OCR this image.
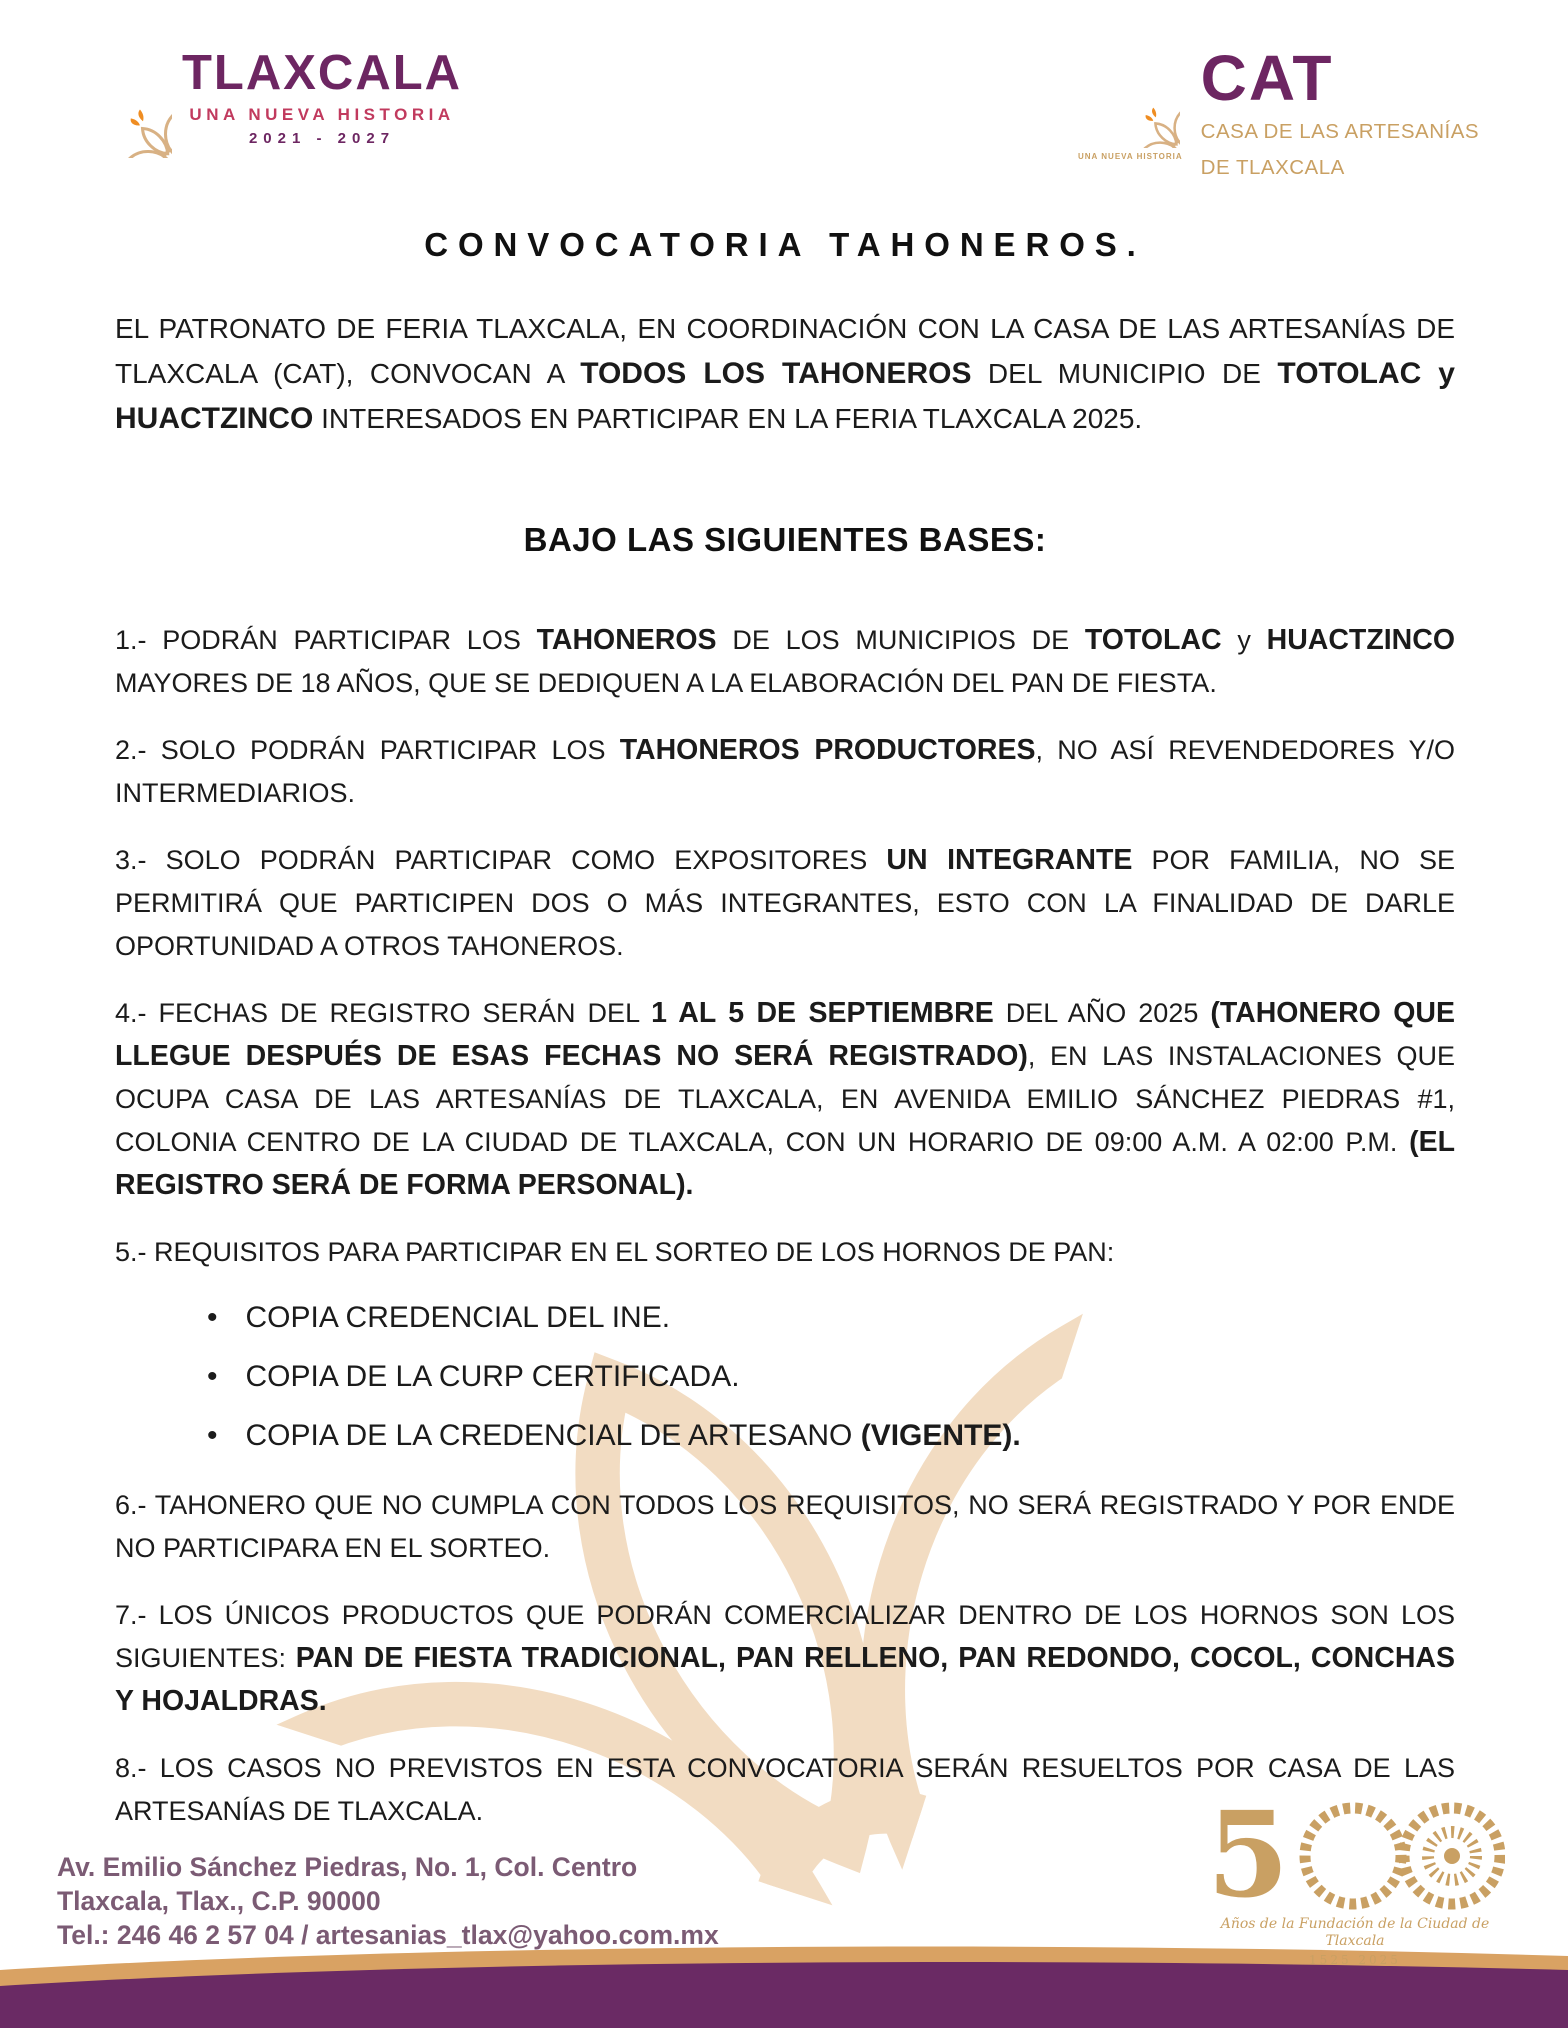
TLAXCALA
UNA NUEVA HISTORIA
2021 - 2027
UNA NUEVA HISTORIA
CAT
CASA DE LAS ARTESANÍAS
DE TLAXCALA
CONVOCATORIA TAHONEROS.

EL PATRONATO DE FERIA TLAXCALA, EN COORDINACIÓN CON LA CASA DE LAS ARTESANÍAS DE TLAXCALA (CAT), CONVOCAN A TODOS LOS TAHONEROS DEL MUNICIPIO DE TOTOLAC y HUACTZINCO INTERESADOS EN PARTICIPAR EN LA FERIA TLAXCALA 2025.

BAJO LAS SIGUIENTES BASES:

1.- PODRÁN PARTICIPAR LOS TAHONEROS DE LOS MUNICIPIOS DE TOTOLAC y HUACTZINCO MAYORES DE 18 AÑOS, QUE SE DEDIQUEN A LA ELABORACIÓN DEL PAN DE FIESTA.

2.- SOLO PODRÁN PARTICIPAR LOS TAHONEROS PRODUCTORES, NO ASÍ REVENDEDORES Y/O INTERMEDIARIOS.

3.- SOLO PODRÁN PARTICIPAR COMO EXPOSITORES UN INTEGRANTE POR FAMILIA, NO SE PERMITIRÁ QUE PARTICIPEN DOS O MÁS INTEGRANTES, ESTO CON LA FINALIDAD DE DARLE OPORTUNIDAD A OTROS TAHONEROS.

4.- FECHAS DE REGISTRO SERÁN DEL 1 AL 5 DE SEPTIEMBRE DEL AÑO 2025 (TAHONERO QUE LLEGUE DESPUÉS DE ESAS FECHAS NO SERÁ REGISTRADO), EN LAS INSTALACIONES QUE OCUPA CASA DE LAS ARTESANÍAS DE TLAXCALA, EN AVENIDA EMILIO SÁNCHEZ PIEDRAS #1, COLONIA CENTRO DE LA CIUDAD DE TLAXCALA, CON UN HORARIO DE 09:00 A.M. A 02:00 P.M. (EL REGISTRO SERÁ DE FORMA PERSONAL).

5.- REQUISITOS PARA PARTICIPAR EN EL SORTEO DE LOS HORNOS DE PAN:

• COPIA CREDENCIAL DEL INE.
• COPIA DE LA CURP CERTIFICADA.
• COPIA DE LA CREDENCIAL DE ARTESANO (VIGENTE).

6.- TAHONERO QUE NO CUMPLA CON TODOS LOS REQUISITOS, NO SERÁ REGISTRADO Y POR ENDE NO PARTICIPARA EN EL SORTEO.

7.- LOS ÚNICOS PRODUCTOS QUE PODRÁN COMERCIALIZAR DENTRO DE LOS HORNOS SON LOS SIGUIENTES: PAN DE FIESTA TRADICIONAL, PAN RELLENO, PAN REDONDO, COCOL, CONCHAS Y HOJALDRAS.

8.- LOS CASOS NO PREVISTOS EN ESTA CONVOCATORIA SERÁN RESUELTOS POR CASA DE LAS ARTESANÍAS DE TLAXCALA.

Av. Emilio Sánchez Piedras, No. 1, Col. Centro
Tlaxcala, Tlax., C.P. 90000
Tel.: 246 46 2 57 04 / artesanias_tlax@yahoo.com.mx
5
Años de la Fundación de la Ciudad de Tlaxcala
1525 2025
